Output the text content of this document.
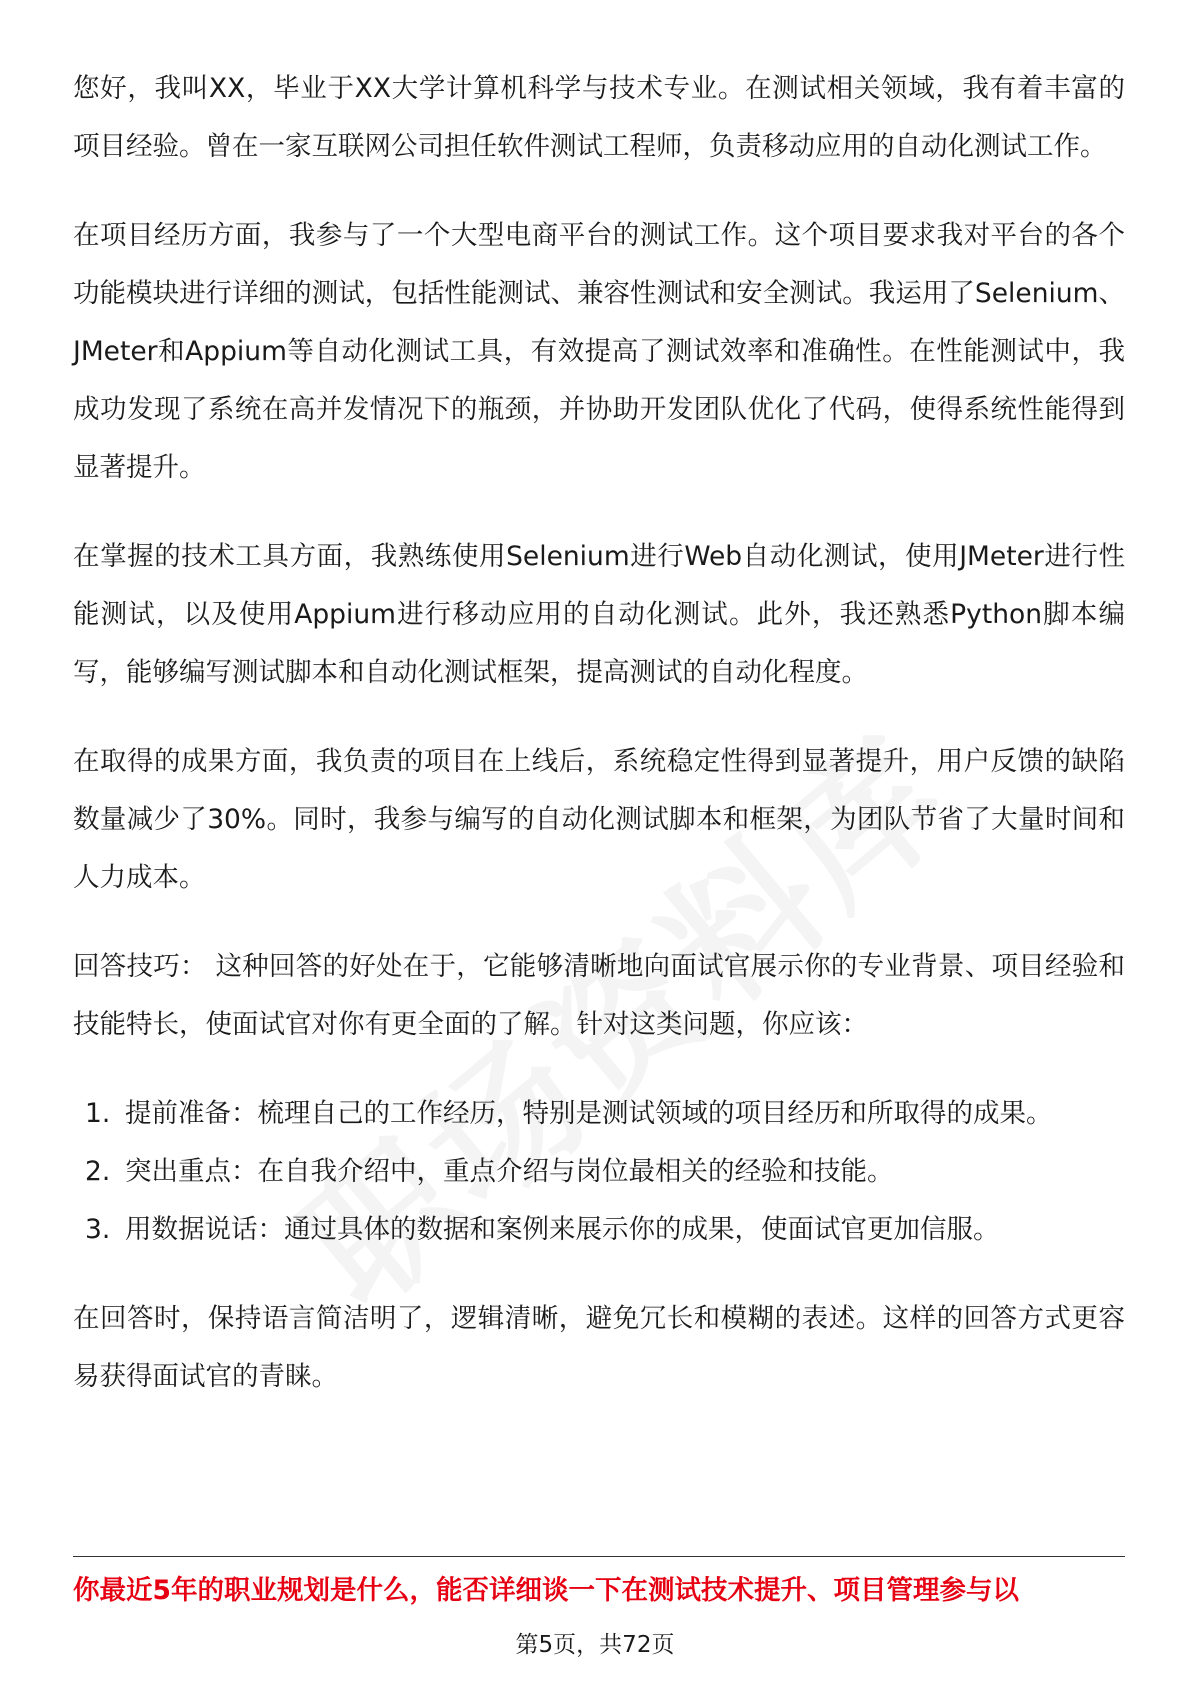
您好，我叫XX，毕业于XX大学计算机科学与技术专业。在测试相关领域，我有着丰富的项目经验。曾在一家互联网公司担任软件测试工程师，负责移动应用的自动化测试工作。

在项目经历方面，我参与了一个大型电商平台的测试工作。这个项目要求我对平台的各个功能模块进行详细的测试，包括性能测试、兼容性测试和安全测试。我运用了Selenium、JMeter和Appium等自动化测试工具，有效提高了测试效率和准确性。在性能测试中，我成功发现了系统在高并发情况下的瓶颈，并协助开发团队优化了代码，使得系统性能得到显著提升。

在掌握的技术工具方面，我熟练使用Selenium进行Web自动化测试，使用JMeter进行性能测试，以及使用Appium进行移动应用的自动化测试。此外，我还熟悉Python脚本编写，能够编写测试脚本和自动化测试框架，提高测试的自动化程度。

在取得的成果方面，我负责的项目在上线后，系统稳定性得到显著提升，用户反馈的缺陷数量减少了30%。同时，我参与编写的自动化测试脚本和框架，为团队节省了大量时间和人力成本。

回答技巧： 这种回答的好处在于，它能够清晰地向面试官展示你的专业背景、项目经验和技能特长，使面试官对你有更全面的了解。针对这类问题，你应该：

1. 提前准备：梳理自己的工作经历，特别是测试领域的项目经历和所取得的成果。
2. 突出重点：在自我介绍中，重点介绍与岗位最相关的经验和技能。
3. 用数据说话：通过具体的数据和案例来展示你的成果，使面试官更加信服。

在回答时，保持语言简洁明了，逻辑清晰，避免冗长和模糊的表述。这样的回答方式更容易获得面试官的青睐。

你最近5年的职业规划是什么，能否详细谈一下在测试技术提升、项目管理参与以
第5页，共72页
